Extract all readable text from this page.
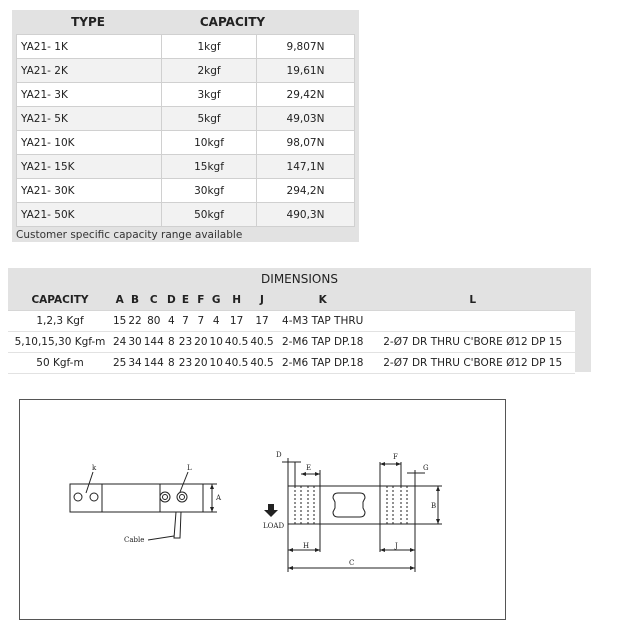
TYPE	CAPACITY
YA21- 1K	1kgf	9,807N
YA21- 2K	2kgf	19,61N
YA21- 3K	3kgf	29,42N
YA21- 5K	5kgf	49,03N
YA21- 10K	10kgf	98,07N
YA21- 15K	15kgf	147,1N
YA21- 30K	30kgf	294,2N
YA21- 50K	50kgf	490,3N
Customer specific capacity range available
DIMENSIONS
CAPACITY	A	B	C	D	E	F	G	H	J	K	L
1,2,3 Kgf	15	22	80	4	7	7	4	17	17	4-M3 TAP THRU	
5,10,15,30 Kgf-m	24	30	144	8	23	20	10	40.5	40.5	2-M6 TAP DP.18	2-Ø7 DR THRU C'BORE Ø12 DP 15
50 Kgf-m	25	34	144	8	23	20	10	40.5	40.5	2-M6 TAP DP.18	2-Ø7 DR THRU C'BORE Ø12 DP 15
k	L
A
Cable
D
E
F
G
B
LOAD
H	J
C
